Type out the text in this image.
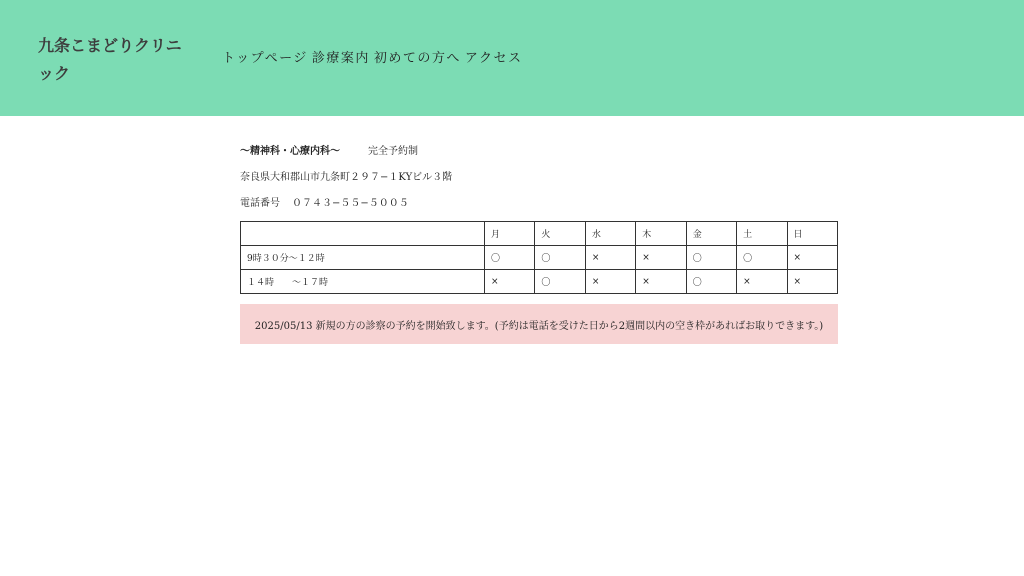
九条こまどりクリニック
トップページ 診療案内 初めての方へ アクセス
〜精神科・心療内科〜	完全予約制
奈良県大和郡山市九条町２９７−１KYビル３階
電話番号 ０７４３−５５−５００５
	月	火	水	木	金	土	日
9時３０分〜１２時	〇	〇	×	×	〇	〇	×
１４時　　〜１７時	×	〇	×	×	〇	×	×
2025/05/13 新規の方の診察の予約を開始致します。(予約は電話を受けた日から2週間以内の空き枠があればお取りできます。)
